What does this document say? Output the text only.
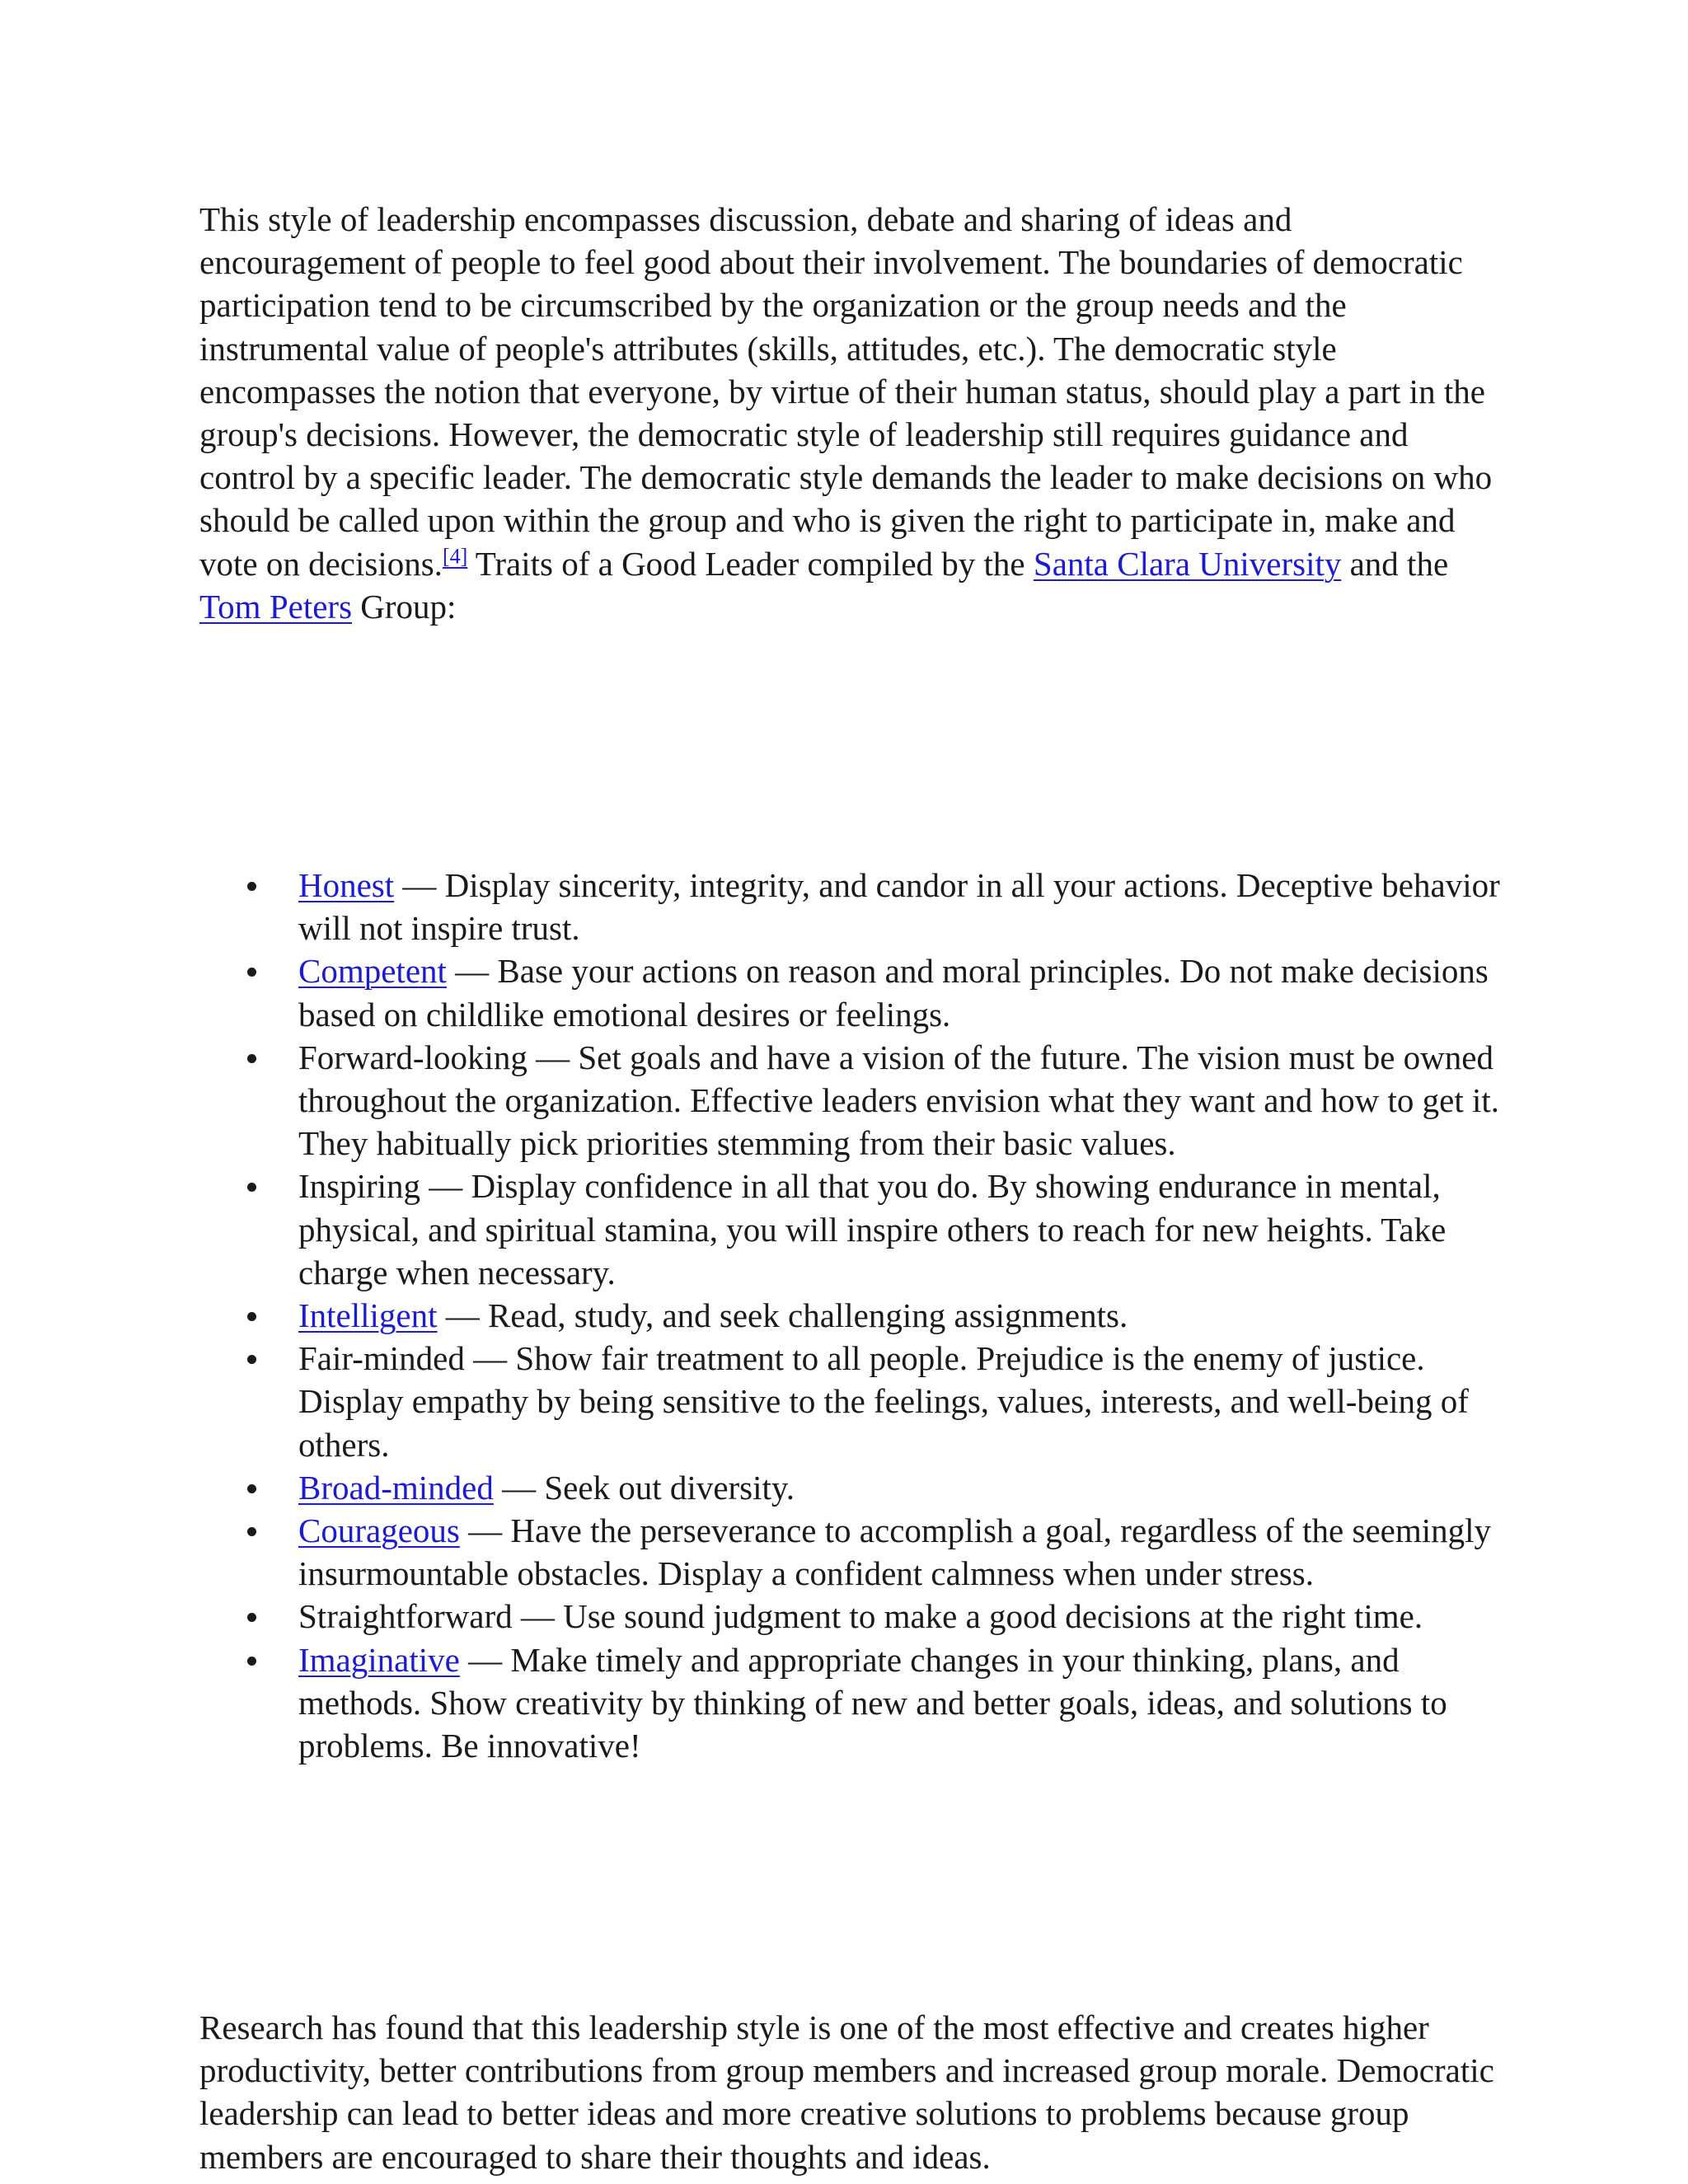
This style of leadership encompasses discussion, debate and sharing of ideas and encouragement of people to feel good about their involvement. The boundaries of democratic participation tend to be circumscribed by the organization or the group needs and the instrumental value of people's attributes (skills, attitudes, etc.). The democratic style encompasses the notion that everyone, by virtue of their human status, should play a part in the group's decisions. However, the democratic style of leadership still requires guidance and control by a specific leader. The democratic style demands the leader to make decisions on who should be called upon within the group and who is given the right to participate in, make and vote on decisions.[4] Traits of a Good Leader compiled by the Santa Clara University and the Tom Peters Group:

Honest — Display sincerity, integrity, and candor in all your actions. Deceptive behavior will not inspire trust.
Competent — Base your actions on reason and moral principles. Do not make decisions based on childlike emotional desires or feelings.
Forward-looking — Set goals and have a vision of the future. The vision must be owned throughout the organization. Effective leaders envision what they want and how to get it. They habitually pick priorities stemming from their basic values.
Inspiring — Display confidence in all that you do. By showing endurance in mental, physical, and spiritual stamina, you will inspire others to reach for new heights. Take charge when necessary.
Intelligent — Read, study, and seek challenging assignments.
Fair-minded — Show fair treatment to all people. Prejudice is the enemy of justice. Display empathy by being sensitive to the feelings, values, interests, and well-being of others.
Broad-minded — Seek out diversity.
Courageous — Have the perseverance to accomplish a goal, regardless of the seemingly insurmountable obstacles. Display a confident calmness when under stress.
Straightforward — Use sound judgment to make a good decisions at the right time.
Imaginative — Make timely and appropriate changes in your thinking, plans, and methods. Show creativity by thinking of new and better goals, ideas, and solutions to problems. Be innovative!

Research has found that this leadership style is one of the most effective and creates higher productivity, better contributions from group members and increased group morale. Democratic leadership can lead to better ideas and more creative solutions to problems because group members are encouraged to share their thoughts and ideas.
